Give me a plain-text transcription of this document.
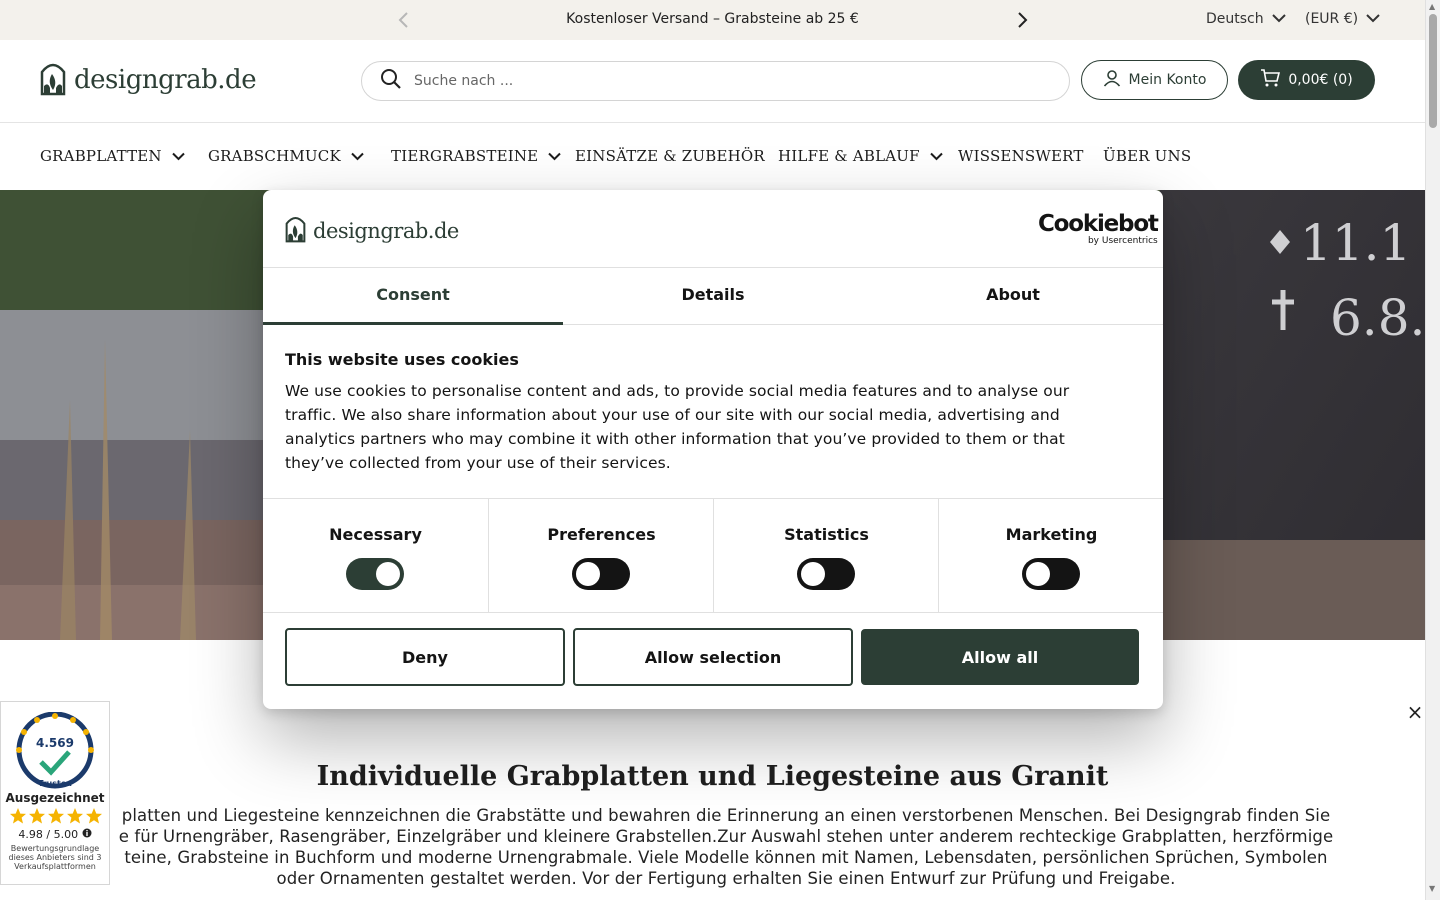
Kostenloser Versand – Grabsteine ab 25 €	Deutsch	(EUR €)
designgrab.de
Suche nach ...	Mein Konto	0,00€ (0)
GRABPLATTEN	GRABSCHMUCK	TIERGRABSTEINE EINSÄTZE & ZUBEHÖR HILFE & ABLAUF	WISSENSWERT ÜBER UNS
11.1
6.8.
×
Individuelle Grabplatten und Liegesteine aus Granit
platten und Liegesteine kennzeichnen die Grabstätte und bewahren die Erinnerung an einen verstorbenen Menschen. Bei Designgrab finden Sie
e für Urnengräber, Rasengräber, Einzelgräber und kleinere Grabstellen.Zur Auswahl stehen unter anderem rechteckige Grabplatten, herzförmige
teine, Grabsteine in Buchform und moderne Urnengrabmale. Viele Modelle können mit Namen, Lebensdaten, persönlichen Sprüchen, Symbolen
oder Ornamenten gestaltet werden. Vor der Fertigung erhalten Sie einen Entwurf zur Prüfung und Freigabe.
4.569
Trusted
Ausgezeichnet
4.98 / 5.00
Bewertungsgrundlage dieses Anbieters sind 3 Verkaufsplattformen
▲
▼
designgrab.de	Cookiebot
by Usercentrics
Consent	Details	About
This website uses cookies

We use cookies to personalise content and ads, to provide social media features and to analyse our traffic. We also share information about your use of our site with our social media, advertising and analytics partners who may combine it with other information that you’ve provided to them or that they’ve collected from your use of their services.

Necessary	Preferences	Statistics	Marketing
Deny	Allow selection	Allow all
